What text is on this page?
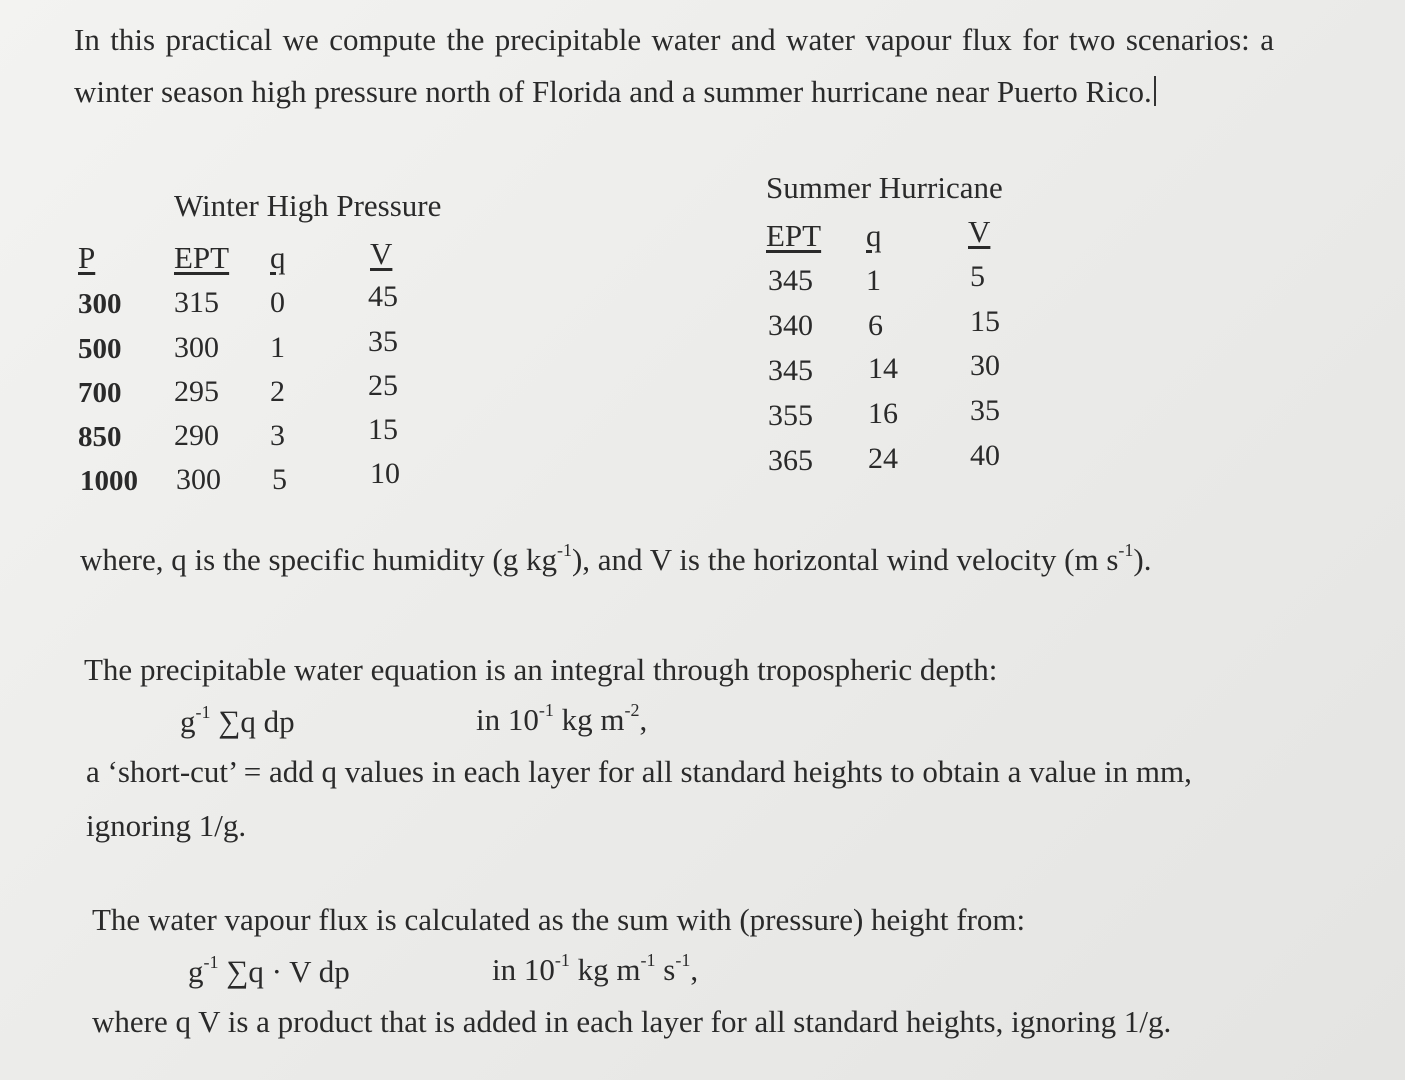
In this practical we compute the precipitable water and water vapour flux for two scenarios: a winter season high pressure north of Florida and a summer hurricane near Puerto Rico.
Winter High Pressure
P	EPT q	V
300 315 0	45
500 300 1	35
700 295 2	25
850 290 3	15
1000 300 5	10
Summer Hurricane
EPT q	V
345 1	5
340 6	15
345 14 30
355 16 35
365 24 40
where, q is the specific humidity (g $kg^{-1}$), and V is the horizontal wind velocity (m $s^{-1}$).
The precipitable water equation is an integral through tropospheric depth:
$g^{-1}$ ∑q dp	in $10^{-1}$ kg $m^{-2}$,
a ‘short-cut’ = add q values in each layer for all standard heights to obtain a value in mm,
ignoring 1/g.
The water vapour flux is calculated as the sum with (pressure) height from:
$g^{-1}$ ∑q · V dp	in $10^{-1}$ kg $m^{-1}$ $s^{-1}$,
where q V is a product that is added in each layer for all standard heights, ignoring 1/g.
